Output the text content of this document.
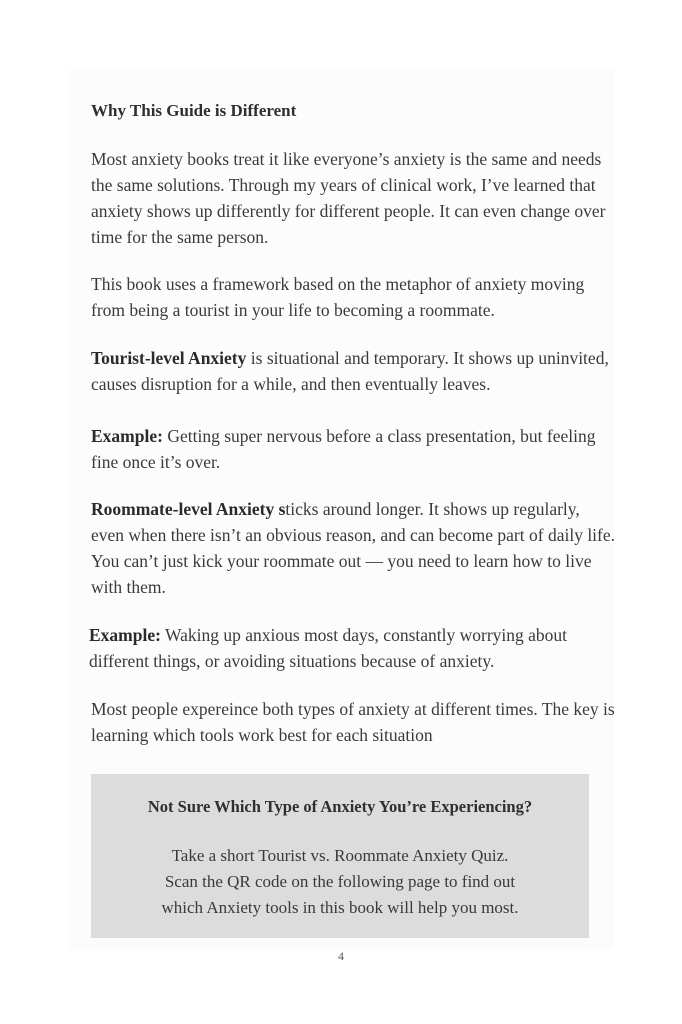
Why This Guide is Different
Most anxiety books treat it like everyone’s anxiety is the same and needs the same solutions. Through my years of clinical work, I’ve learned that anxiety shows up differently for different people. It can even change over time for the same person.
This book uses a framework based on the metaphor of anxiety moving from being a tourist in your life to becoming a roommate.
Tourist-level Anxiety is situational and temporary. It shows up uninvited, causes disruption for a while, and then eventually leaves.
Example: Getting super nervous before a class presentation, but feeling fine once it’s over.
Roommate-level Anxiety sticks around longer. It shows up regularly, even when there isn’t an obvious reason, and can become part of daily life. You can’t just kick your roommate out — you need to learn how to live with them.
Example: Waking up anxious most days, constantly worrying about different things, or avoiding situations because of anxiety.
Most people expereince both types of anxiety at different times. The key is learning which tools work best for each situation
Not Sure Which Type of Anxiety You’re Experiencing?
Take a short Tourist vs. Roommate Anxiety Quiz.
Scan the QR code on the following page to find out
which Anxiety tools in this book will help you most.
4
